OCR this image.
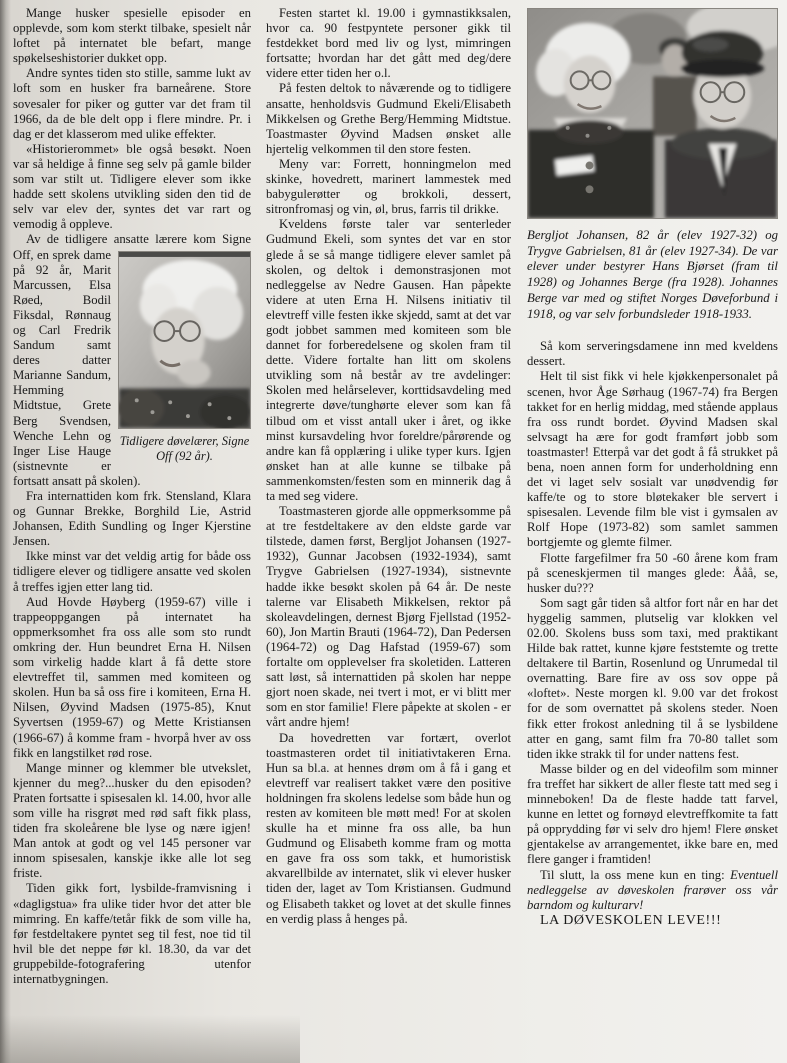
Mange husker spesielle episoder en opplevde, som kom sterkt tilbake, spesielt når loftet på internatet ble befart, mange spøkelseshistorier dukket opp.

Andre syntes tiden sto stille, samme lukt av loft som en husker fra barneårene. Store sovesaler for piker og gutter var det fram til 1966, da de ble delt opp i flere mindre. Pr. i dag er det klasserom med ulike effekter.

«Historierommet» ble også besøkt. Noen var så heldige å finne seg selv på gamle bilder som var stilt ut. Tidligere elever som ikke hadde sett skolens utvikling siden den tid de selv var elev der, syntes det var rart og vemodig å oppleve.

Av de tidligere ansatte lærere kom Signe
Tidligere døvelærer, Signe Off (92 år).
Off, en sprek dame på 92 år, Marit Marcussen, Elsa Røed, Bodil Fiksdal, Rønnaug og Carl Fredrik Sandum samt deres datter Marianne Sandum, Hemming Midtstue, Grete Berg Svendsen, Wenche Lehn og Inger Lise Hauge (sistnevnte er fortsatt ansatt på skolen).

Fra internattiden kom frk. Stensland, Klara og Gunnar Brekke, Borghild Lie, Astrid Johansen, Edith Sundling og Inger Kjerstine Jensen.

Ikke minst var det veldig artig for både oss tidligere elever og tidligere ansatte ved skolen å treffes igjen etter lang tid.

Aud Hovde Høyberg (1959-67) ville i trappeoppgangen på internatet ha oppmerksomhet fra oss alle som sto rundt omkring der. Hun beundret Erna H. Nilsen som virkelig hadde klart å få dette store elevtreffet til, sammen med komiteen og skolen. Hun ba så oss fire i komiteen, Erna H. Nilsen, Øyvind Madsen (1975-85), Knut Syvertsen (1959-67) og Mette Kristiansen (1966-67) å komme fram - hvorpå hver av oss fikk en langstilket rød rose.

Mange minner og klemmer ble utvekslet, kjenner du meg?...husker du den episoden? Praten fortsatte i spisesalen kl. 14.00, hvor alle som ville ha risgrøt med rød saft fikk plass, tiden fra skoleårene ble lyse og nære igjen! Man antok at godt og vel 145 personer var innom spisesalen, kanskje ikke alle lot seg friste.

Tiden gikk fort, lysbilde-framvisning i «dagligstua» fra ulike tider hvor det atter ble mimring. En kaffe/tetår fikk de som ville ha, før festdeltakere pyntet seg til fest, noe tid til hvil ble det neppe før kl. 18.30, da var det gruppebilde-fotografering utenfor internatbygningen.

Festen startet kl. 19.00 i gymnastikksalen, hvor ca. 90 festpyntete personer gikk til festdekket bord med liv og lyst, mimringen fortsatte; hvordan har det gått med deg/dere videre etter tiden her o.l.

På festen deltok to nåværende og to tidligere ansatte, henholdsvis Gudmund Ekeli/Elisabeth Mikkelsen og Grethe Berg/Hemming Midtstue. Toastmaster Øyvind Madsen ønsket alle hjertelig velkommen til den store festen.

Meny var: Forrett, honningmelon med skinke, hovedrett, marinert lammestek med babygulerøtter og brokkoli, dessert, sitronfromasj og vin, øl, brus, farris til drikke.

Kveldens første taler var senterleder Gudmund Ekeli, som syntes det var en stor glede å se så mange tidligere elever samlet på skolen, og deltok i demonstrasjonen mot nedleggelse av Nedre Gausen. Han påpekte videre at uten Erna H. Nilsens initiativ til elevtreff ville festen ikke skjedd, samt at det var godt jobbet sammen med komiteen som ble dannet for forberedelsene og skolen fram til dette. Videre fortalte han litt om skolens utvikling som nå består av tre avdelinger: Skolen med helårselever, korttidsavdeling med integrerte døve/tunghørte elever som kan få tilbud om et visst antall uker i året, og ikke minst kursavdeling hvor foreldre/pårørende og andre kan få opplæring i ulike typer kurs. Igjen ønsket han at alle kunne se tilbake på sammenkomsten/festen som en minnerik dag å ta med seg videre.

Toastmasteren gjorde alle oppmerksomme på at tre festdeltakere av den eldste garde var tilstede, damen først, Bergljot Johansen (1927-1932), Gunnar Jacobsen (1932-1934), samt Trygve Gabrielsen (1927-1934), sistnevnte hadde ikke besøkt skolen på 64 år. De neste talerne var Elisabeth Mikkelsen, rektor på skoleavdelingen, dernest Bjørg Fjellstad (1952-60), Jon Martin Brauti (1964-72), Dan Pedersen (1964-72) og Dag Hafstad (1959-67) som fortalte om opplevelser fra skoletiden. Latteren satt løst, så internattiden på skolen har neppe gjort noen skade, nei tvert i mot, er vi blitt mer som en stor familie! Flere påpekte at skolen - er vårt andre hjem!

Da hovedretten var fortært, overlot toastmasteren ordet til initiativtakeren Erna. Hun sa bl.a. at hennes drøm om å få i gang et elevtreff var realisert takket være den positive holdningen fra skolens ledelse som både hun og resten av komiteen ble møtt med! For at skolen skulle ha et minne fra oss alle, ba hun Gudmund og Elisabeth komme fram og motta en gave fra oss som takk, et humoristisk akvarellbilde av internatet, slik vi elever husker tiden der, laget av Tom Kristiansen. Gudmund og Elisabeth takket og lovet at det skulle finnes en verdig plass å henges på.

Bergljot Johansen, 82 år (elev 1927-32) og Trygve Gabrielsen, 81 år (elev 1927-34). De var elever under bestyrer Hans Bjørset (fram til 1928) og Johannes Berge (fra 1928). Johannes Berge var med og stiftet Norges Døveforbund i 1918, og var selv forbundsleder 1918-1933.

Så kom serveringsdamene inn med kveldens dessert.

Helt til sist fikk vi hele kjøkkenpersonalet på scenen, hvor Åge Sørhaug (1967-74) fra Bergen takket for en herlig middag, med stående applaus fra oss rundt bordet. Øyvind Madsen skal selvsagt ha ære for godt framført jobb som toastmaster! Etterpå var det godt å få strukket på bena, noen annen form for underholdning enn det vi laget selv sosialt var unødvendig før kaffe/te og to store bløtekaker ble servert i spisesalen. Levende film ble vist i gymsalen av Rolf Hope (1973-82) som samlet sammen bortgjemte og glemte filmer.

Flotte fargefilmer fra 50 -60 årene kom fram på sceneskjermen til manges glede: Ååå, se, husker du???

Som sagt går tiden så altfor fort når en har det hyggelig sammen, plutselig var klokken vel 02.00. Skolens buss som taxi, med praktikant Hilde bak rattet, kunne kjøre feststemte og trette deltakere til Bartin, Rosenlund og Unrumedal til overnatting. Bare fire av oss sov oppe på «loftet». Neste morgen kl. 9.00 var det frokost for de som overnattet på skolens steder. Noen fikk etter frokost anledning til å se lysbildene atter en gang, samt film fra 70-80 tallet som tiden ikke strakk til for under nattens fest.

Masse bilder og en del videofilm som minner fra treffet har sikkert de aller fleste tatt med seg i minneboken! Da de fleste hadde tatt farvel, kunne en lettet og fornøyd elevtreffkomite ta fatt på opprydding før vi selv dro hjem! Flere ønsket gjentakelse av arrangementet, ikke bare en, med flere ganger i framtiden!

Til slutt, la oss mene kun en ting: Eventuell nedleggelse av døveskolen frarøver oss vår barndom og kulturarv!

LA DØVESKOLEN LEVE!!!
